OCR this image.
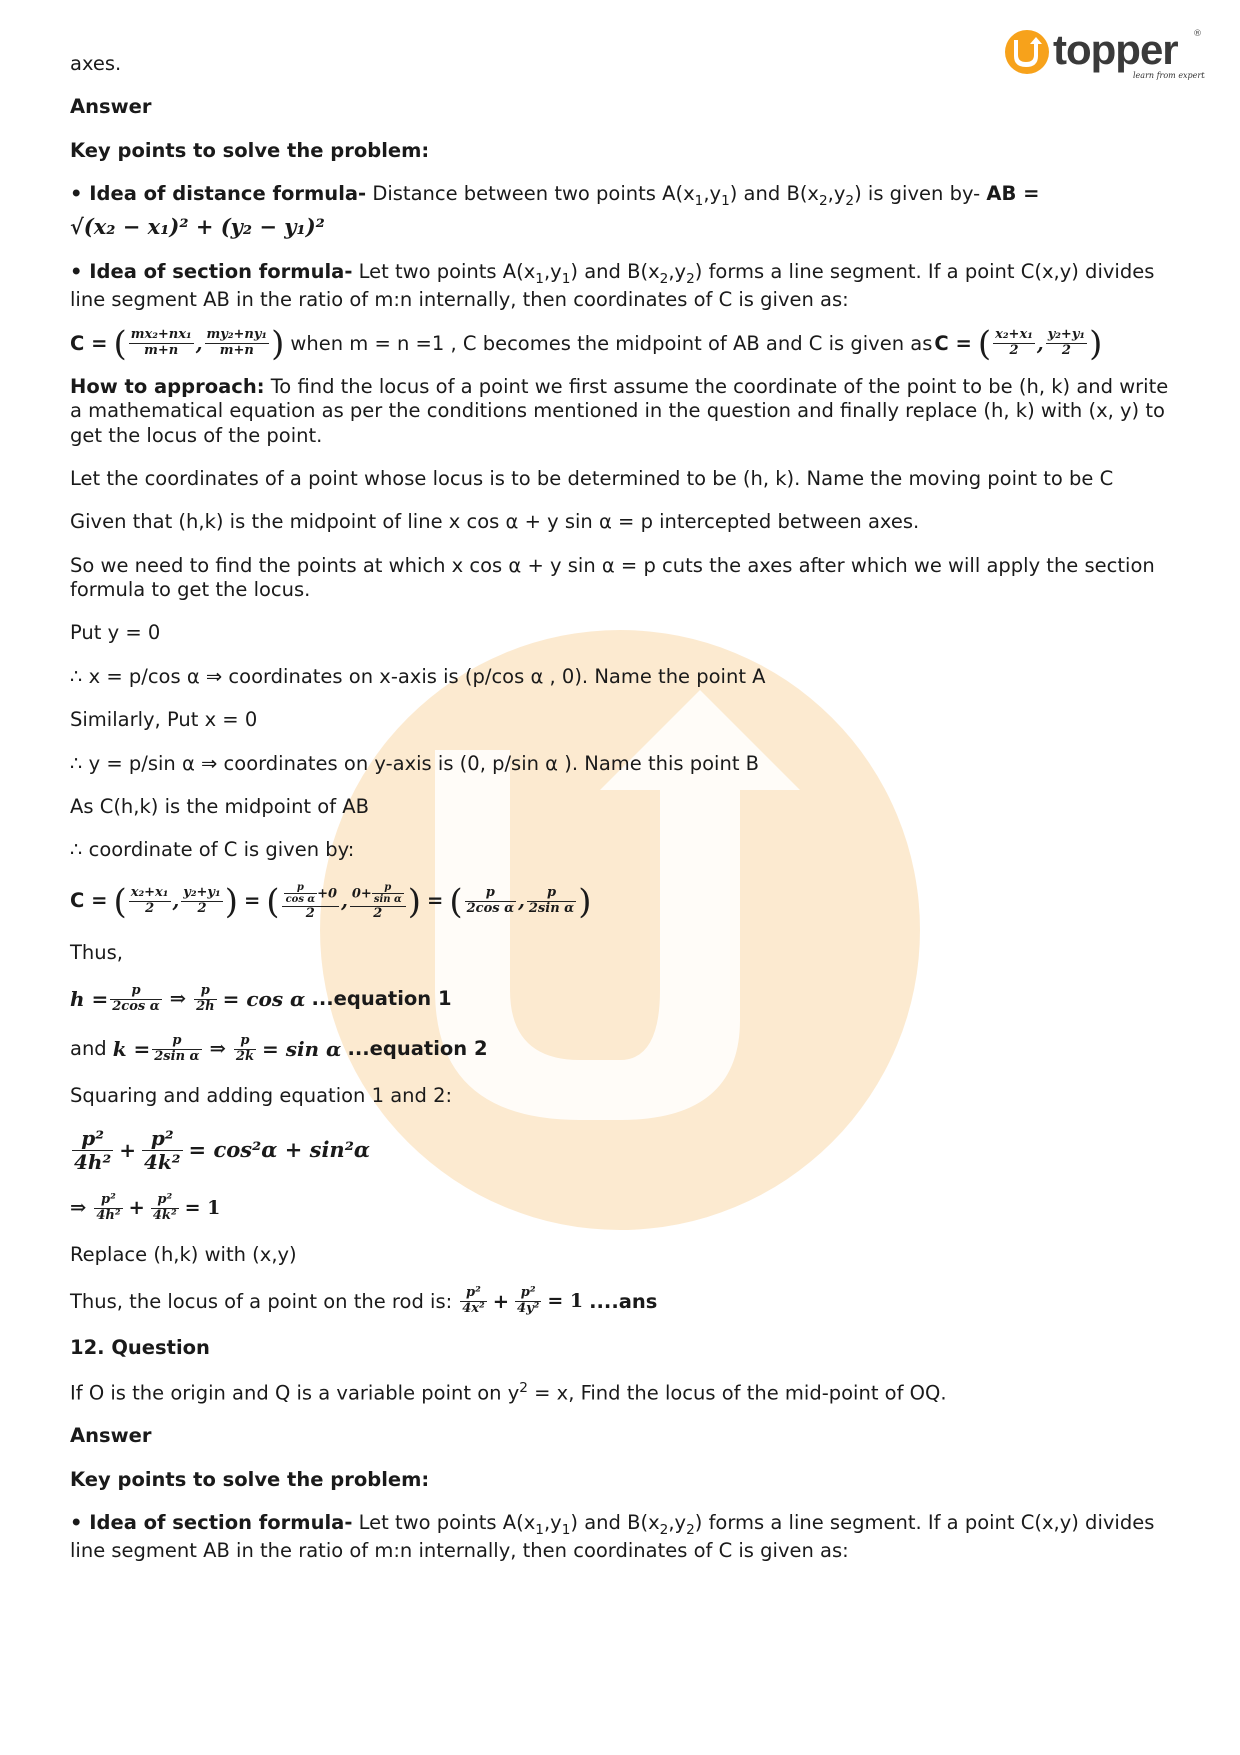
topper ®
learn from experts

axes.

Answer

Key points to solve the problem:

• Idea of distance formula- Distance between two points $A(x_1,y_1)$ and $B(x_2,y_2)$ is given by- AB =

√(x₂ − x₁)² + (y₂ − y₁)²

• Idea of section formula- Let two points $A(x_1,y_1)$ and $B(x_2,y_2)$ forms a line segment. If a point C(x,y) divides line segment AB in the ratio of m:n internally, then coordinates of C is given as:

C = ( $\frac{\text{mx₂+nx₁}}{m+n}$ , $\frac{\text{my₂+ny₁}}{m+n}$ ) when m = n =1 , C becomes the midpoint of AB and C is given as C = ( $\frac{\text{x₂+x₁}}{2}$ , $\frac{\text{y₂+y₁}}{2}$ )

How to approach: To find the locus of a point we first assume the coordinate of the point to be (h, k) and write a mathematical equation as per the conditions mentioned in the question and finally replace (h, k) with (x, y) to get the locus of the point.

Let the coordinates of a point whose locus is to be determined to be (h, k). Name the moving point to be C

Given that (h,k) is the midpoint of line x cos α + y sin α = p intercepted between axes.

So we need to find the points at which x cos α + y sin α = p cuts the axes after which we will apply the section formula to get the locus.

Put y = 0

∴ x = p/cos α ⇒ coordinates on x-axis is (p/cos α , 0). Name the point A

Similarly, Put x = 0

∴ y = p/sin α ⇒ coordinates on y-axis is (0, p/sin α ). Name this point B

As C(h,k) is the midpoint of AB

∴ coordinate of C is given by:

C = ( $\frac{\text{x₂+x₁}}{2}$ , $\frac{\text{y₂+y₁}}{2}$ ) = ( $\frac{\frac{p}{\text{cos α}} +0}{2}$ , $\frac{0+ \frac{p}{\text{sin α}}}{2}$ ) = ( $\frac{p}{\text{2cos α}}$ , $\frac{p}{\text{2sin α}}$ )

Thus,

$h = \frac{p}{\text{2cos α}}$ ⇒ $\frac{p}{2h} = \cos \alpha$ ...equation 1
and $k = \frac{p}{\text{2sin α}}$ ⇒ $\frac{p}{2k} = \sin \alpha$ ...equation 2

Squaring and adding equation 1 and 2:

$\frac{\text{p²}}{\text{4h²}} + \frac{\text{p²}}{\text{4k²}} = \cos^2\alpha + \sin^2\alpha$
⇒ $\frac{\text{p²}}{\text{4h²}} + \frac{\text{p²}}{\text{4k²}} = 1$

Replace (h,k) with (x,y)

Thus, the locus of a point on the rod is: $\frac{\text{p²}}{\text{4x²}} + \frac{\text{p²}}{\text{4y²}} = 1$ ....ans

12. Question

If O is the origin and Q is a variable point on $y^2 = x$, Find the locus of the mid-point of OQ.

Answer

Key points to solve the problem:

• Idea of section formula- Let two points $A(x_1,y_1)$ and $B(x_2,y_2)$ forms a line segment. If a point C(x,y) divides line segment AB in the ratio of m:n internally, then coordinates of C is given as:
